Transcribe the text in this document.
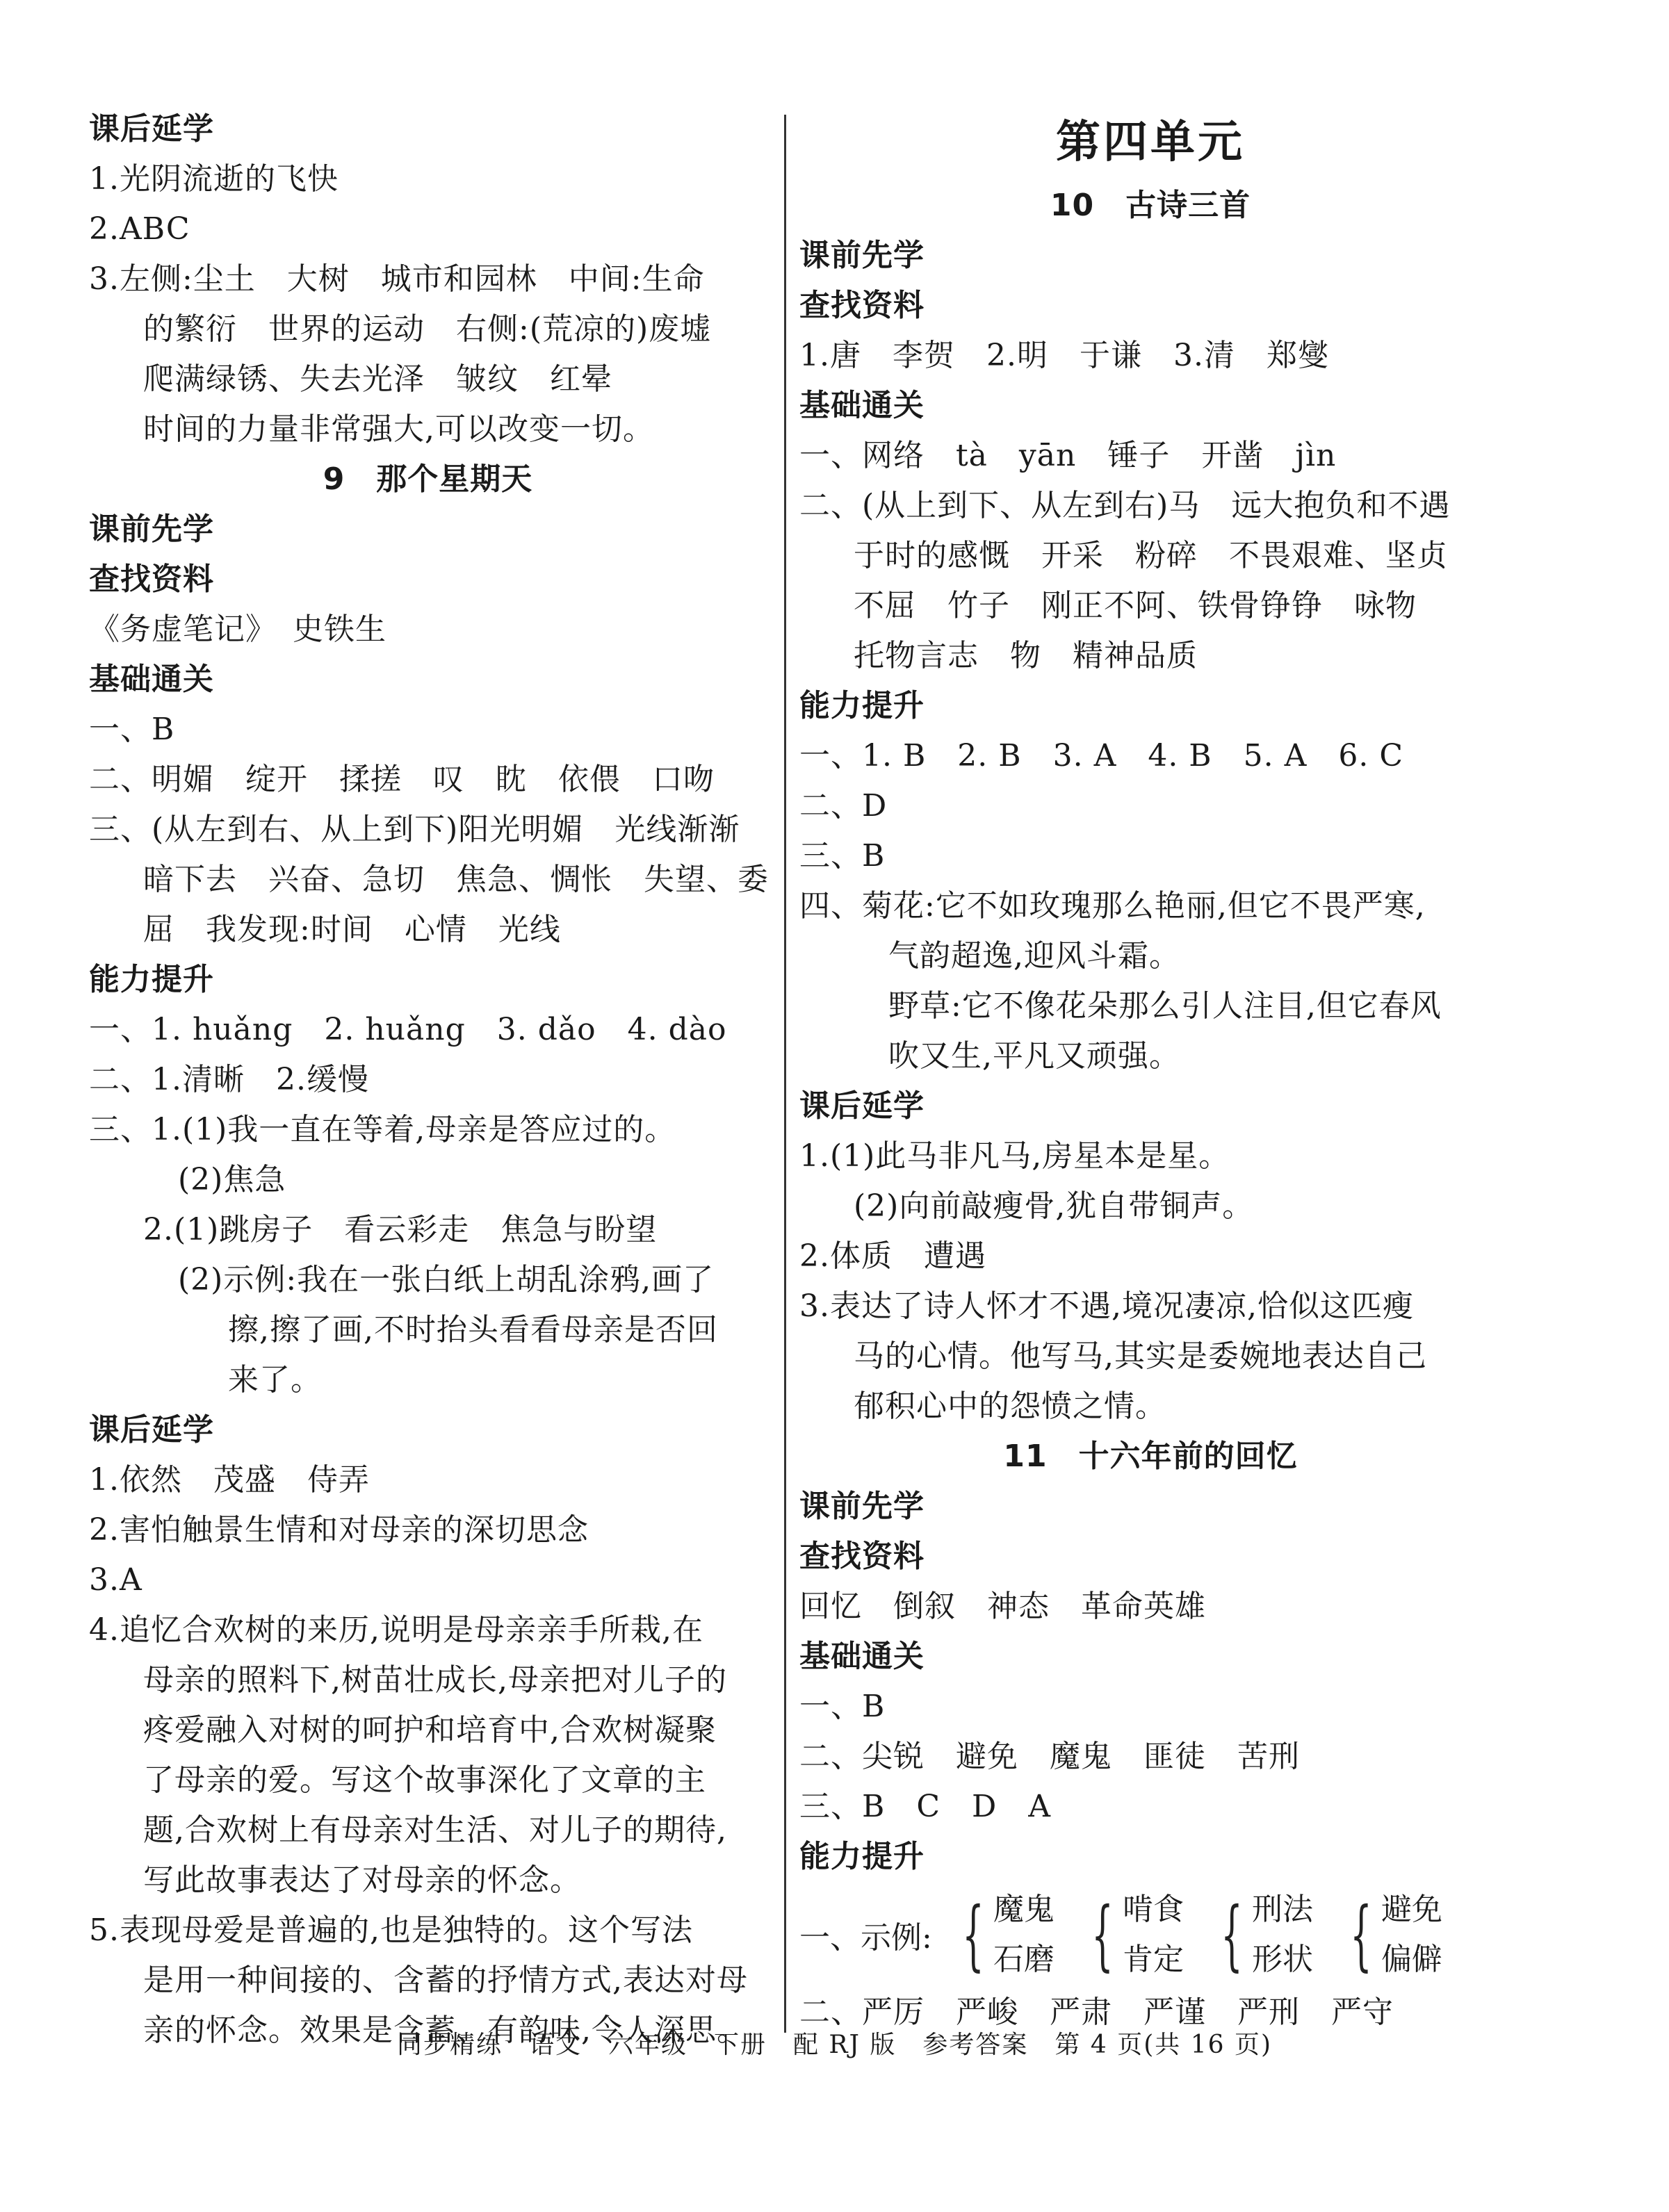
课后延学
1.光阴流逝的飞快
2.ABC
3.左侧:尘土　大树　城市和园林　中间:生命
的繁衍　世界的运动　右侧:(荒凉的)废墟
爬满绿锈、失去光泽　皱纹　红晕
时间的力量非常强大,可以改变一切。
9　那个星期天
课前先学
查找资料
《务虚笔记》　史铁生
基础通关
一、B
二、明媚　绽开　揉搓　叹　眈　依偎　口吻
三、(从左到右、从上到下)阳光明媚　光线渐渐
暗下去　兴奋、急切　焦急、惆怅　失望、委
屈　我发现:时间　心情　光线
能力提升
一、1. huǎng　2. huǎng　3. dǎo　4. dào
二、1.清晰　2.缓慢
三、1.(1)我一直在等着,母亲是答应过的。
(2)焦急
2.(1)跳房子　看云彩走　焦急与盼望
(2)示例:我在一张白纸上胡乱涂鸦,画了
擦,擦了画,不时抬头看看母亲是否回
来了。
课后延学
1.依然　茂盛　侍弄
2.害怕触景生情和对母亲的深切思念
3.A
4.追忆合欢树的来历,说明是母亲亲手所栽,在
母亲的照料下,树苗壮成长,母亲把对儿子的
疼爱融入对树的呵护和培育中,合欢树凝聚
了母亲的爱。写这个故事深化了文章的主
题,合欢树上有母亲对生活、对儿子的期待,
写此故事表达了对母亲的怀念。
5.表现母爱是普遍的,也是独特的。这个写法
是用一种间接的、含蓄的抒情方式,表达对母
亲的怀念。效果是含蓄、有韵味,令人深思。
第四单元
10　古诗三首
课前先学
查找资料
1.唐　李贺　2.明　于谦　3.清　郑燮
基础通关
一、网络　tà　yān　锤子　开凿　jìn
二、(从上到下、从左到右)马　远大抱负和不遇
于时的感慨　开采　粉碎　不畏艰难、坚贞
不屈　竹子　刚正不阿、铁骨铮铮　咏物
托物言志　物　精神品质
能力提升
一、1. B　2. B　3. A　4. B　5. A　6. C
二、D
三、B
四、菊花:它不如玫瑰那么艳丽,但它不畏严寒,
气韵超逸,迎风斗霜。
野草:它不像花朵那么引人注目,但它春风
吹又生,平凡又顽强。
课后延学
1.(1)此马非凡马,房星本是星。
(2)向前敲瘦骨,犹自带铜声。
2.体质　遭遇
3.表达了诗人怀才不遇,境况凄凉,恰似这匹瘦
马的心情。他写马,其实是委婉地表达自己
郁积心中的怨愤之情。
11　十六年前的回忆
课前先学
查找资料
回忆　倒叙　神态　革命英雄
基础通关
一、B
二、尖锐　避免　魔鬼　匪徒　苦刑
三、B　C　D　A
能力提升
一、示例: { 魔鬼
石磨 { 啃食
肯定 { 刑法
形状 { 避免
偏僻
二、严厉　严峻　严肃　严谨　严刑　严守
同步精练　语文　六年级　下册　配 RJ 版　参考答案　第 4 页(共 16 页)
